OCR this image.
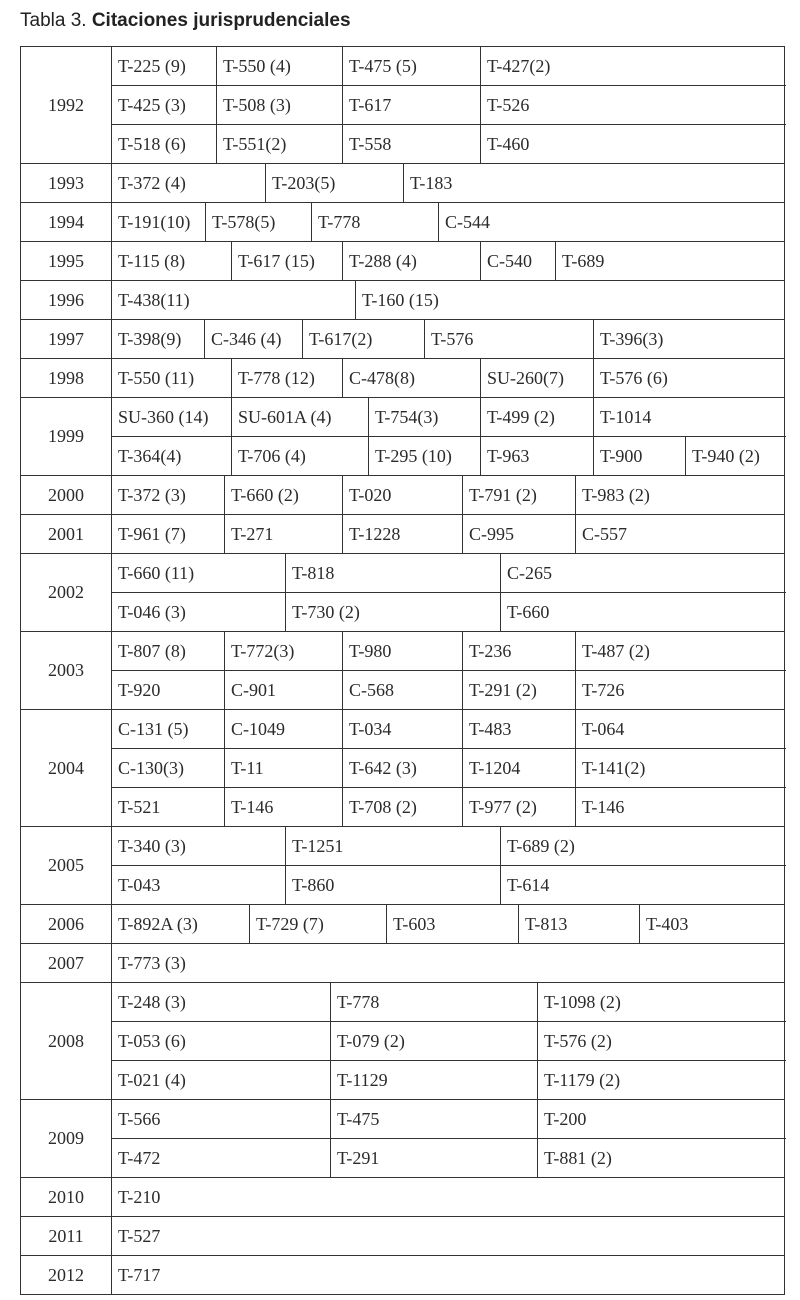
Tabla 3. Citaciones jurisprudenciales
1992
T-225 (9)	T-550 (4)	T-475 (5)	T-427(2)
T-425 (3)	T-508 (3)	T-617	T-526
T-518 (6)	T-551(2)	T-558	T-460
1993	T-372 (4)	T-203(5)	T-183
1994	T-191(10)	T-578(5)	T-778	C-544
1995	T-115 (8)	T-617 (15)	T-288 (4)	C-540	T-689
1996	T-438(11)	T-160 (15)
1997	T-398(9)	C-346 (4)	T-617(2)	T-576	T-396(3)
1998	T-550 (11)	T-778 (12)	C-478(8)	SU-260(7)	T-576 (6)
1999
SU-360 (14)	SU-601A (4)	T-754(3)	T-499 (2)	T-1014
T-364(4)	T-706 (4)	T-295 (10)	T-963	T-900	T-940 (2)
2000	T-372 (3)	T-660 (2)	T-020	T-791 (2)	T-983 (2)
2001	T-961 (7)	T-271	T-1228	C-995	C-557
2002
T-660 (11)	T-818	C-265
T-046 (3)	T-730 (2)	T-660
2003
T-807 (8)	T-772(3)	T-980	T-236	T-487 (2)
T-920	C-901	C-568	T-291 (2)	T-726
2004
C-131 (5)	C-1049	T-034	T-483	T-064
C-130(3)	T-11	T-642 (3)	T-1204	T-141(2)
T-521	T-146	T-708 (2)	T-977 (2)	T-146
2005
T-340 (3)	T-1251	T-689 (2)
T-043	T-860	T-614
2006	T-892A (3)	T-729 (7)	T-603	T-813	T-403
2007	T-773 (3)
2008
T-248 (3)	T-778	T-1098 (2)
T-053 (6)	T-079 (2)	T-576 (2)
T-021 (4)	T-1129	T-1179 (2)
2009
T-566	T-475	T-200
T-472	T-291	T-881 (2)
2010	T-210
2011	T-527
2012	T-717
